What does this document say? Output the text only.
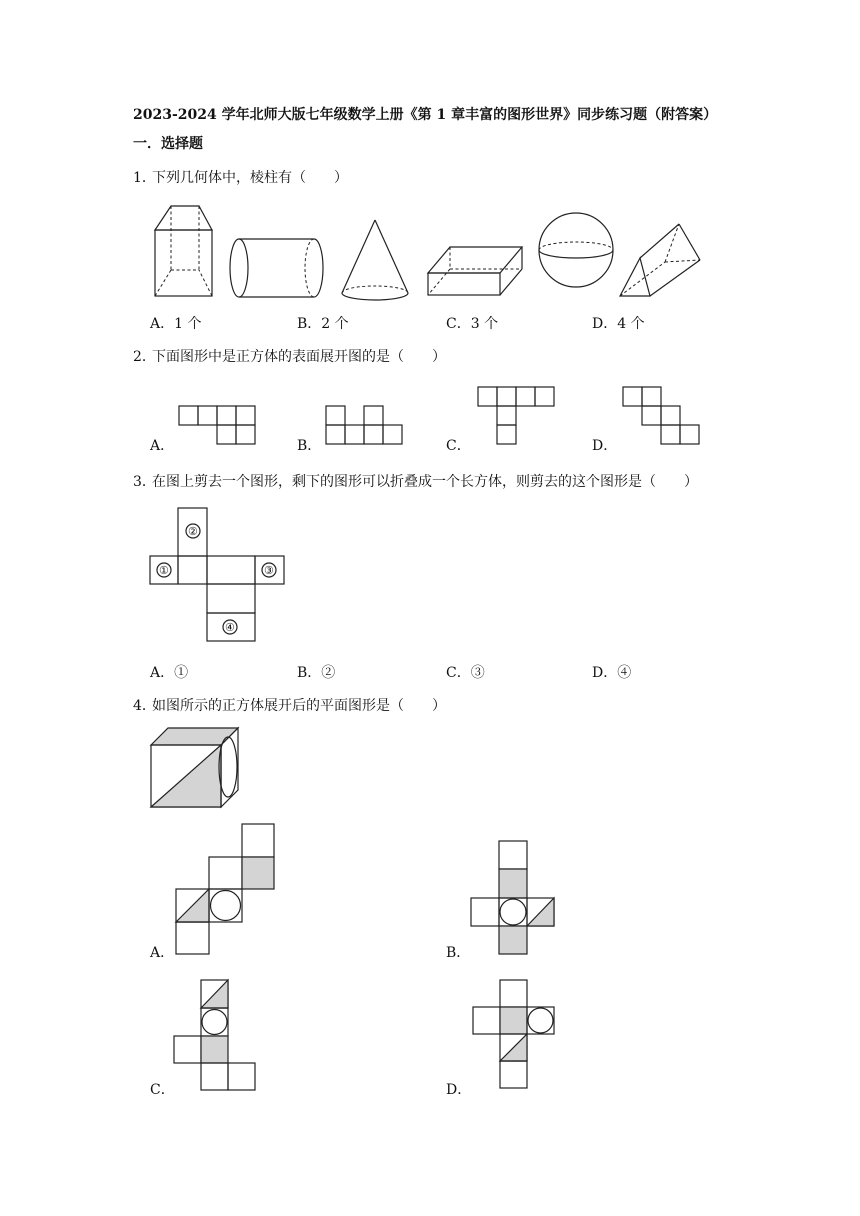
2023-2024 学年北师大版七年级数学上册《第 1 章丰富的图形世界》同步练习题（附答案）
一．选择题
1．
下列几何体中，棱柱有（　　）
A．1 个	B．2 个	C．3 个	D．4 个
2．
下面图形中是正方体的表面展开图的是（　　）
A．	B．	C．	D．
3．
在图上剪去一个图形，剩下的图形可以折叠成一个长方体，则剪去的这个图形是（　　）
②
①	③
④
A．①	B．②	C．③	D．④
4．
如图所示的正方体展开后的平面图形是（　　）
A．	B．
C．	D．
